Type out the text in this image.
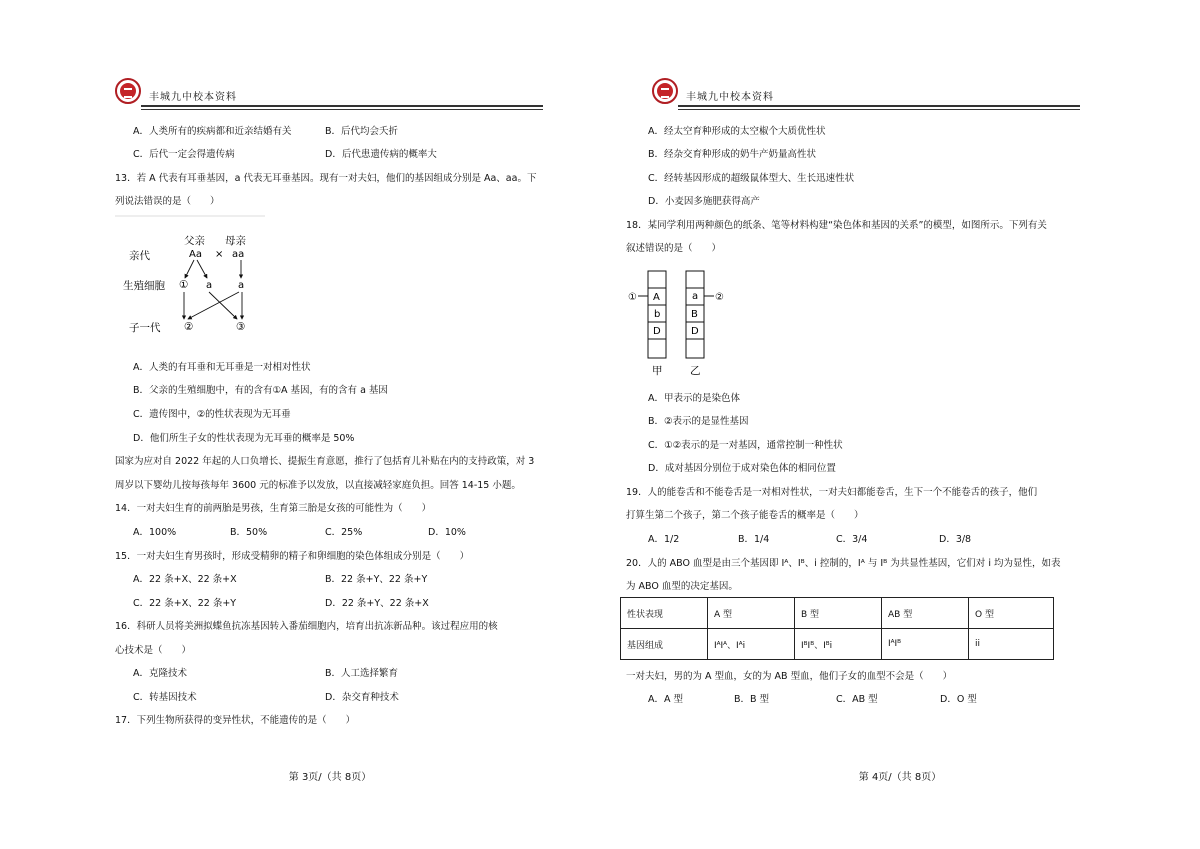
丰城九中校本资料
A．人类所有的疾病都和近亲结婚有关	B．后代均会夭折
C．后代一定会得遗传病	D．后代患遗传病的概率大
13．若 A 代表有耳垂基因，a 代表无耳垂基因。现有一对夫妇，他们的基因组成分别是 Aa、aa。下
列说法错误的是（　　）
父亲 母亲
亲代	Aa × aa
生殖细胞 ① a	a
子一代 ②	③
A．人类的有耳垂和无耳垂是一对相对性状
B．父亲的生殖细胞中，有的含有①A 基因，有的含有 a 基因
C．遗传图中，②的性状表现为无耳垂
D．他们所生子女的性状表现为无耳垂的概率是 50%
国家为应对自 2022 年起的人口负增长、提振生育意愿，推行了包括育儿补贴在内的支持政策，对 3
周岁以下婴幼儿按每孩每年 3600 元的标准予以发放，以直接减轻家庭负担。回答 14-15 小题。
14．一对夫妇生育的前两胎是男孩，生育第三胎是女孩的可能性为（　　）
A．100%	B．50%	C．25%	D．10%
15．一对夫妇生育男孩时，形成受精卵的精子和卵细胞的染色体组成分别是（　　）
A．22 条+X、22 条+X	B．22 条+Y、22 条+Y
C．22 条+X、22 条+Y	D．22 条+Y、22 条+X
16．科研人员将美洲拟蝶鱼抗冻基因转入番茄细胞内，培育出抗冻新品种。该过程应用的核
心技术是（　　）
A．克隆技术	B．人工选择繁育
C．转基因技术	D．杂交育种技术
17．下列生物所获得的变异性状，不能遗传的是（　　）
第 3页/（共 8页）
丰城九中校本资料
A．经太空育种形成的太空椒个大质优性状
B．经杂交育种形成的奶牛产奶量高性状
C．经转基因形成的超级鼠体型大、生长迅速性状
D．小麦因多施肥获得高产
18．某同学利用两种颜色的纸条、笔等材料构建“染色体和基因的关系”的模型，如图所示。下列有关
叙述错误的是（　　）
①	②
A
b
D
a
B
D
甲	乙
A．甲表示的是染色体
B．②表示的是显性基因
C．①②表示的是一对基因，通常控制一种性状
D．成对基因分别位于成对染色体的相同位置
19．人的能卷舌和不能卷舌是一对相对性状，一对夫妇都能卷舌，生下一个不能卷舌的孩子，他们
打算生第二个孩子，第二个孩子能卷舌的概率是（　　）
A．1/2	B．1/4	C．3/4	D．3/8
20．人的 ABO 血型是由三个基因即 Iᴬ、Iᴮ、i 控制的，Iᴬ 与 Iᴮ 为共显性基因，它们对 i 均为显性，如表
为 ABO 血型的决定基因。
性状表现	A 型	B 型	AB 型	O 型
基因组成	IᴬIᴬ、Iᴬi	IᴮIᴮ、Iᴮi	IᴬIᴮ	ii
一对夫妇，男的为 A 型血，女的为 AB 型血，他们子女的血型不会是（　　）
A．A 型	B．B 型	C．AB 型	D．O 型
第 4页/（共 8页）
